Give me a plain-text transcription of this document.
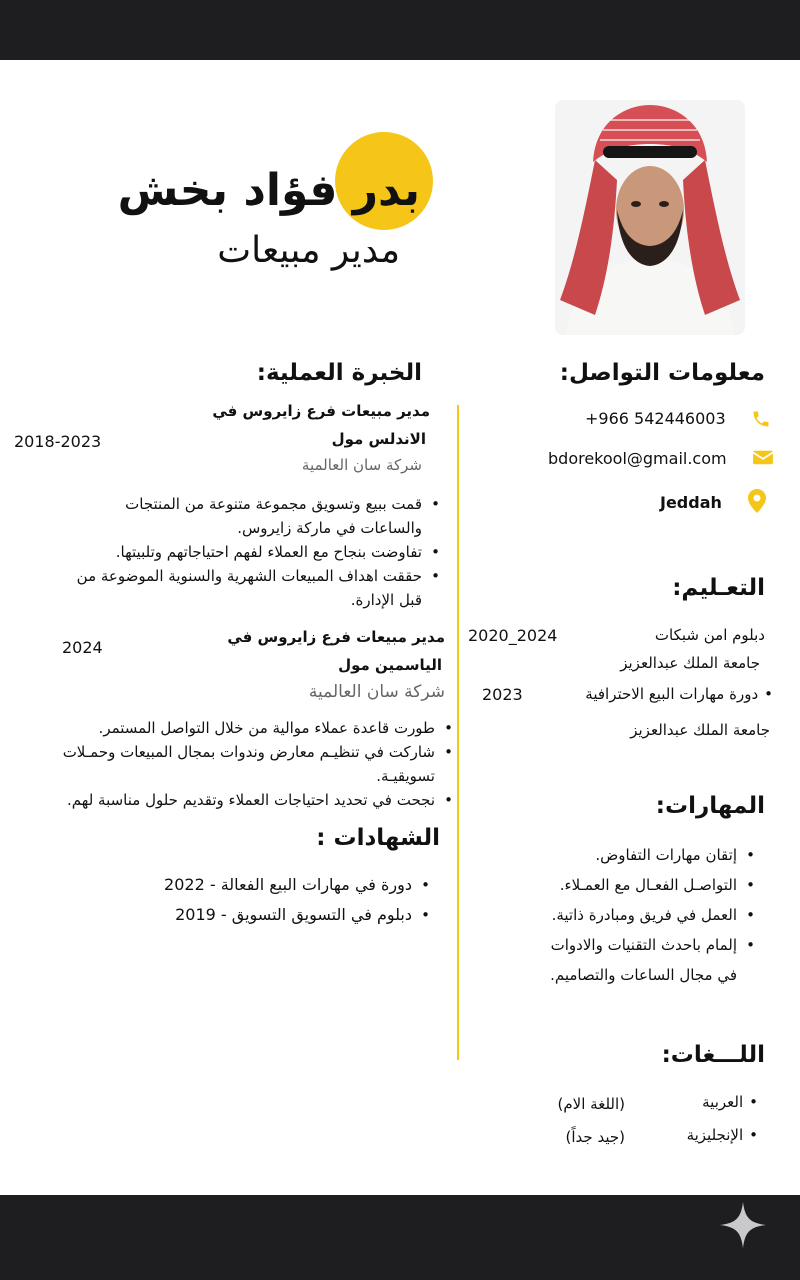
بدر فؤاد بخش
مدير مبيعات
معلومات التواصل:
+966 542446003
bdorekool@gmail.com
Jeddah
التعـليم:
دبلوم امن شبكات
2020_2024
جامعة الملك عبدالعزيز
•دورة مهارات البيع الاحترافية
2023
جامعة الملك عبدالعزيز
المهارات:
• إتقان مهارات التفاوض.
• التواصـل الفعـال مع العمـلاء.
• العمل في فريق ومبادرة ذاتية.
• إلمام باحدث التقنيات والادوات
في مجال الساعات والتصاميم.
اللـــغات:
•العربية
(اللغة الام)
•الإنجليزية
(جيد جداً)
الخبرة العملية:
مدير مبيعات فرع زايروس في
الاندلس مول
2018-2023
شركة سان العالمية
• قمت ببيع وتسويق مجموعة متنوعة من المنتجات
والساعات في ماركة زايروس.
• تفاوضت بنجاح مع العملاء لفهم احتياجاتهم وتلبيتها.
• حققت اهداف المبيعات الشهرية والسنوية الموضوعة من
قبل الإدارة.
مدير مبيعات فرع زايروس في
الياسمين مول
2024
شركة سان العالمية
• طورت قاعدة عملاء موالية من خلال التواصل المستمر.
• شاركت في تنظيـم معارض وندوات بمجال المبيعات وحمـلات
تسويقيـة.
• نجحت في تحديد احتياجات العملاء وتقديم حلول مناسبة لهم.
الشهادات :
• دورة في مهارات البيع الفعالة - 2022
• دبلوم في التسويق التسويق - 2019
